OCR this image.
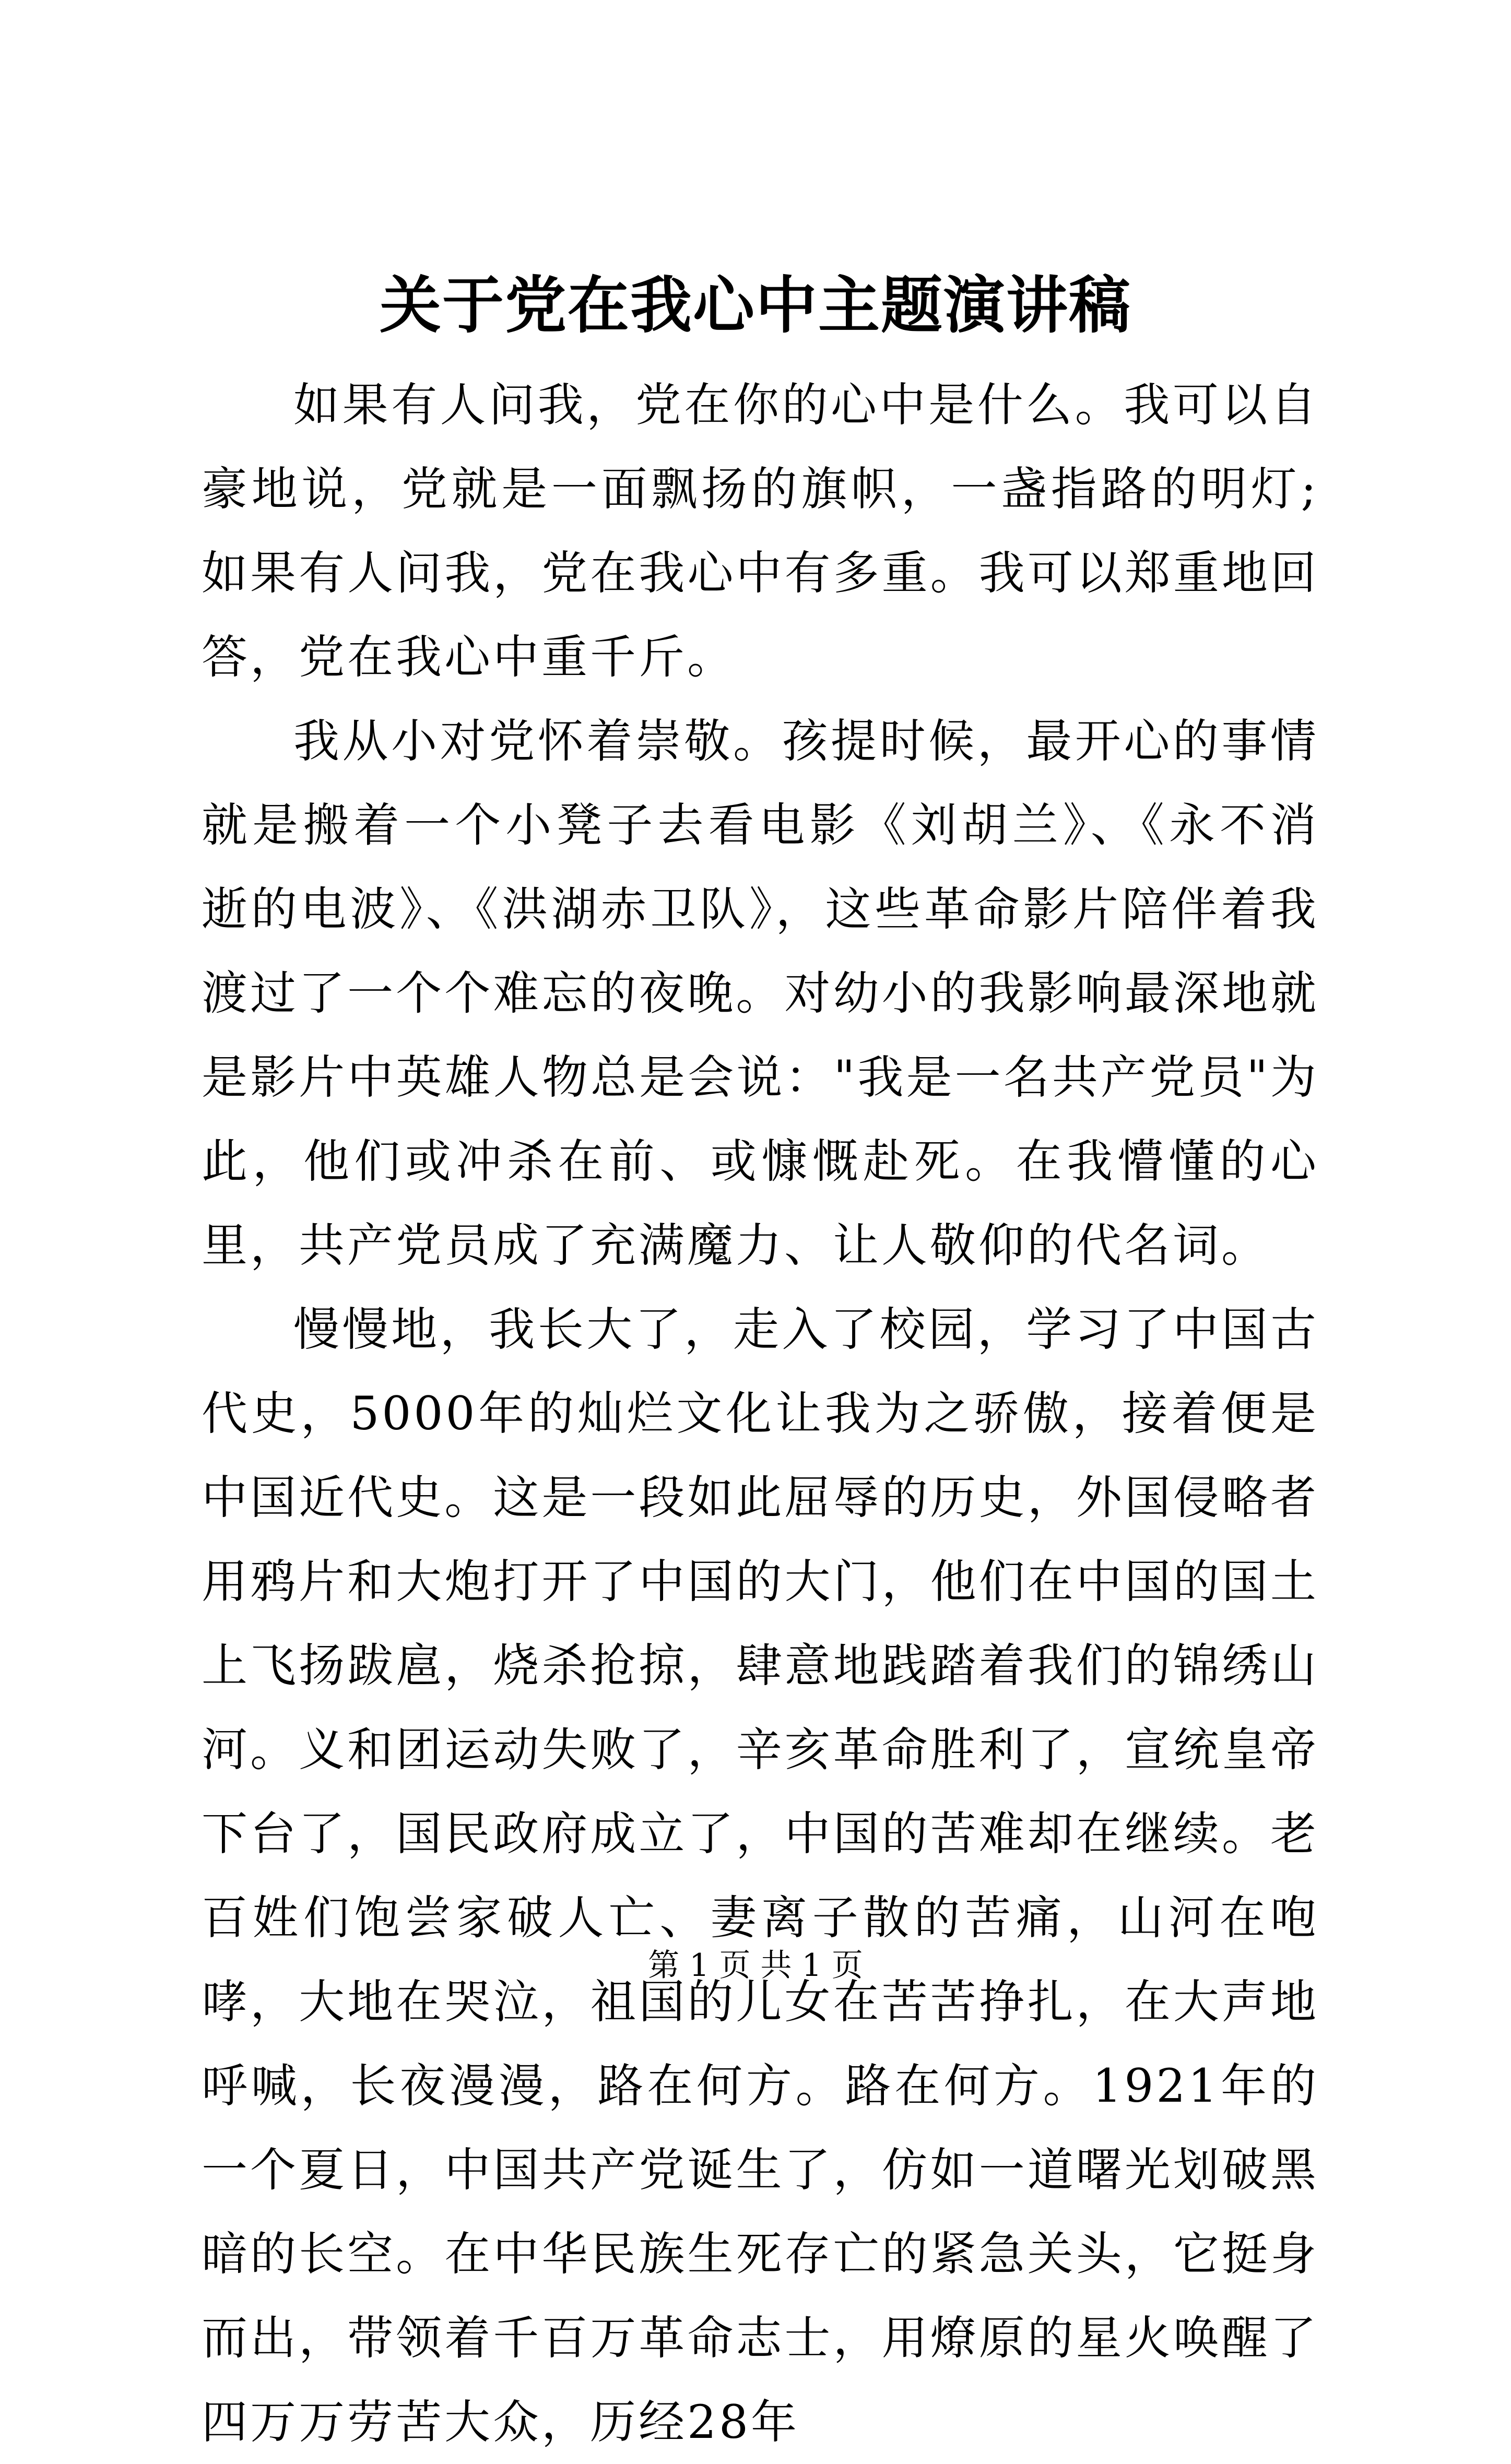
关于党在我心中主题演讲稿

如果有人问我，党在你的心中是什么。我可以自豪地说，党就是一面飘扬的旗帜，一盏指路的明灯;如果有人问我，党在我心中有多重。我可以郑重地回答，党在我心中重千斤。

我从小对党怀着崇敬。孩提时候，最开心的事情就是搬着一个小凳子去看电影《刘胡兰》、《永不消逝的电波》、《洪湖赤卫队》，这些革命影片陪伴着我渡过了一个个难忘的夜晚。对幼小的我影响最深地就是影片中英雄人物总是会说："我是一名共产党员"为此，他们或冲杀在前、或慷慨赴死。在我懵懂的心里，共产党员成了充满魔力、让人敬仰的代名词。

慢慢地，我长大了，走入了校园，学习了中国古代史，5000年的灿烂文化让我为之骄傲，接着便是中国近代史。这是一段如此屈辱的历史，外国侵略者用鸦片和大炮打开了中国的大门，他们在中国的国土上飞扬跋扈，烧杀抢掠，肆意地践踏着我们的锦绣山河。义和团运动失败了，辛亥革命胜利了，宣统皇帝下台了，国民政府成立了，中国的苦难却在继续。老百姓们饱尝家破人亡、妻离子散的苦痛，山河在咆哮，大地在哭泣，祖国的儿女在苦苦挣扎，在大声地呼喊，长夜漫漫，路在何方。路在何方。1921年的一个夏日，中国共产党诞生了，仿如一道曙光划破黑暗的长空。在中华民族生死存亡的紧急关头，它挺身而出，带领着千百万革命志士，用燎原的星火唤醒了四万万劳苦大众，历经28年

第 1 页 共 1 页
